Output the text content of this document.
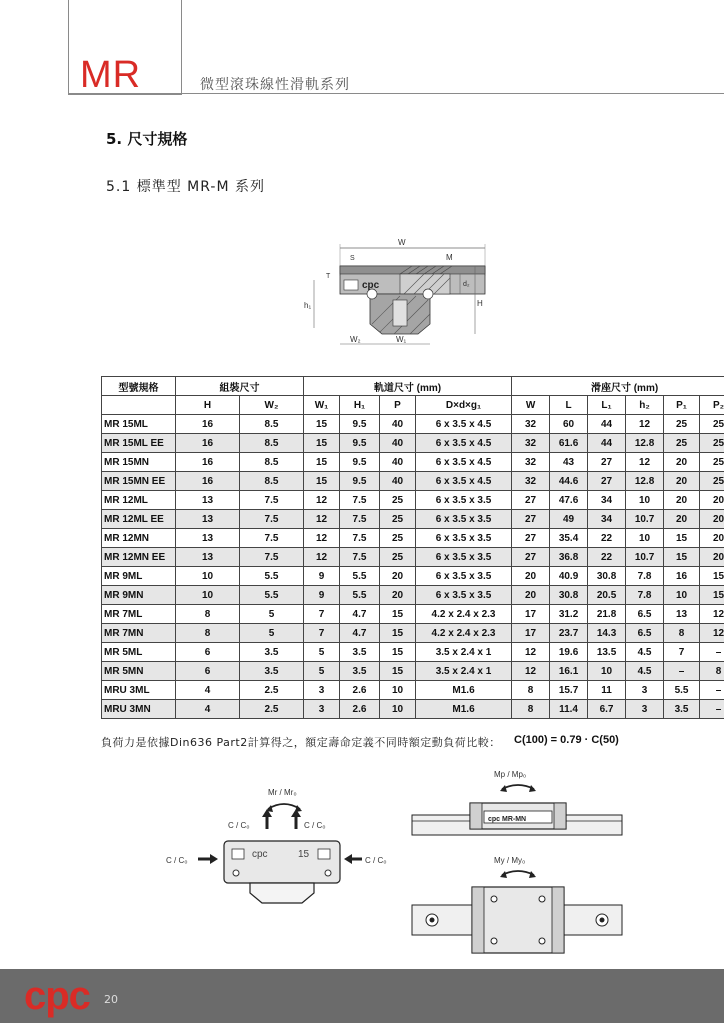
MR	微型滾珠線性滑軌系列
5. 尺寸規格
5.1 標準型 MR-M 系列
W
cpc	d₂
H
M
T
S
h₁
W₂	W₁
型號規格	組裝尺寸		軌道尺寸 (mm)				滑座尺寸 (mm)					
	H	W₂	W₁	H₁	P	D×d×g₁	W	L	L₁	h₂	P₁	P₂
MR 15ML	16	8.5	15	9.5	40	6 x 3.5 x 4.5	32	60	44	12	25	25
MR 15ML EE	16	8.5	15	9.5	40	6 x 3.5 x 4.5	32	61.6	44	12.8	25	25
MR 15MN	16	8.5	15	9.5	40	6 x 3.5 x 4.5	32	43	27	12	20	25
MR 15MN EE	16	8.5	15	9.5	40	6 x 3.5 x 4.5	32	44.6	27	12.8	20	25
MR 12ML	13	7.5	12	7.5	25	6 x 3.5 x 3.5	27	47.6	34	10	20	20
MR 12ML EE	13	7.5	12	7.5	25	6 x 3.5 x 3.5	27	49	34	10.7	20	20
MR 12MN	13	7.5	12	7.5	25	6 x 3.5 x 3.5	27	35.4	22	10	15	20
MR 12MN EE	13	7.5	12	7.5	25	6 x 3.5 x 3.5	27	36.8	22	10.7	15	20
MR 9ML	10	5.5	9	5.5	20	6 x 3.5 x 3.5	20	40.9	30.8	7.8	16	15
MR 9MN	10	5.5	9	5.5	20	6 x 3.5 x 3.5	20	30.8	20.5	7.8	10	15
MR 7ML	8	5	7	4.7	15	4.2 x 2.4 x 2.3	17	31.2	21.8	6.5	13	12
MR 7MN	8	5	7	4.7	15	4.2 x 2.4 x 2.3	17	23.7	14.3	6.5	8	12
MR 5ML	6	3.5	5	3.5	15	3.5 x 2.4 x 1	12	19.6	13.5	4.5	7	–
MR 5MN	6	3.5	5	3.5	15	3.5 x 2.4 x 1	12	16.1	10	4.5	–	8
MRU 3ML	4	2.5	3	2.6	10	M1.6	8	15.7	11	3	5.5	–
MRU 3MN	4	2.5	3	2.6	10	M1.6	8	11.4	6.7	3	3.5	–
負荷力是依據Din636 Part2計算得之，額定壽命定義不同時額定動負荷比較： C(100) = 0.79 · C(50)
Mr / Mr₀
C / C₀	C / C₀
C / C₀	C / C₀
cpc	15
Mp / Mp₀
cpc MR-MN
My / My₀
cpc 20
